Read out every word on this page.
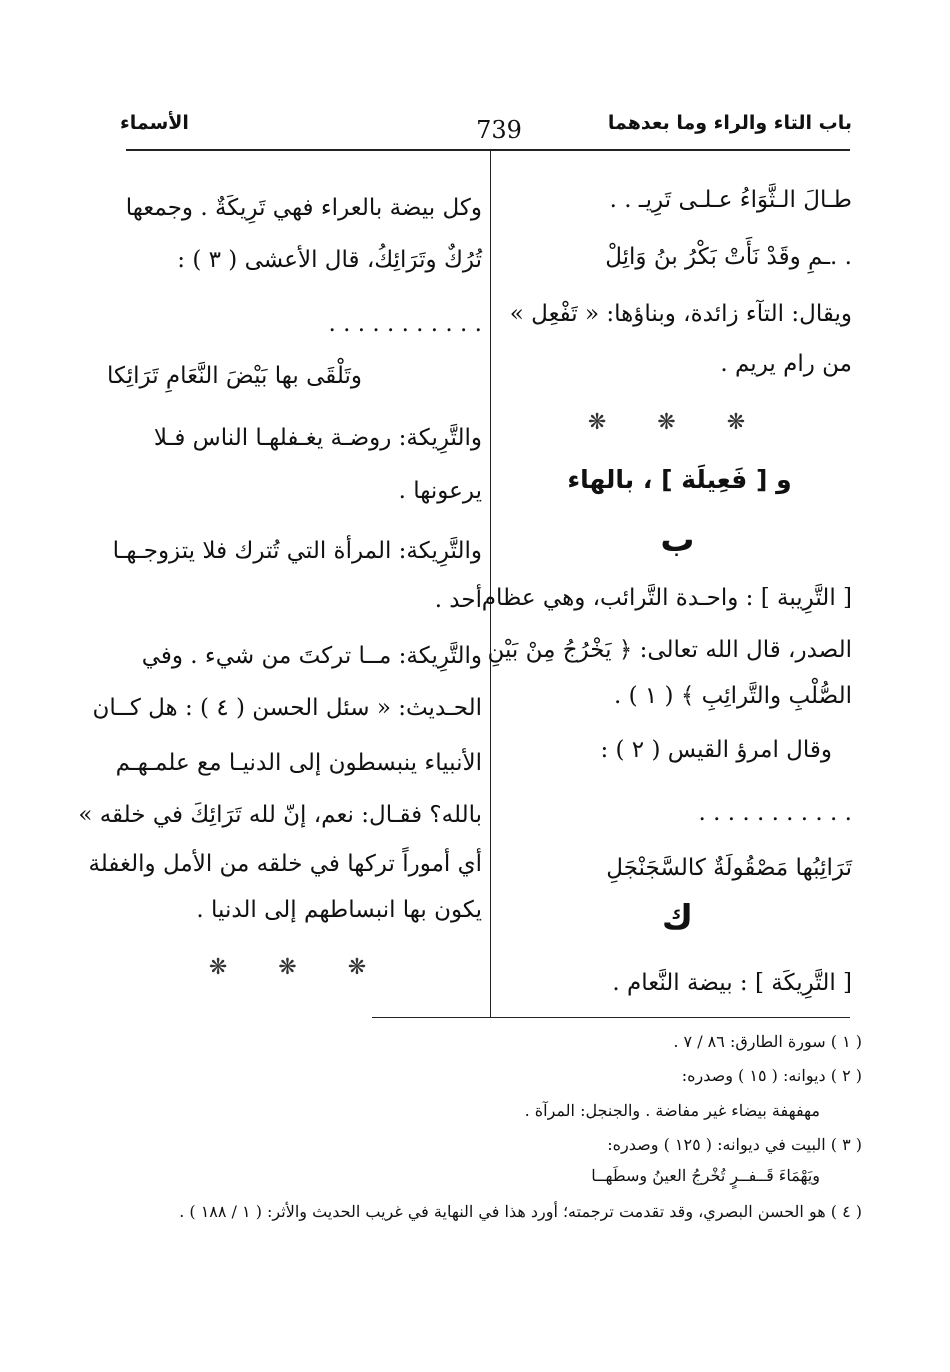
باب التاء والراء وما بعدهما
739
الأسماء
طـالَ الـثَّوَاءُ عـلـى تَرِيـ . .
. .ـمِ وقَدْ نَأَتْ بَكْرُ بنُ وَائِلْ
ويقال: التآء زائدة، وبناؤها: « تَفْعِل »
من رام يريم .
❋ ❋ ❋
و [ فَعِيلَة ] ، بالهاء
ب
[ التَّرِيبة ] : واحـدة التَّرائب، وهي عظام
الصدر، قال الله تعالى: ﴿ يَخْرُجُ مِنْ بَيْنِ
الصُّلْبِ والتَّرائِبِ ﴾ ( ١ ) .
وقال امرؤ القيس ( ٢ ) :
. . . . . . . . . . .
تَرَائِبُها مَصْقُولَةٌ كالسَّجَنْجَلِ
ك
[ التَّرِيكَة ] : بيضة النَّعام .
وكل بيضة بالعراء فهي تَرِيكَةٌ . وجمعها
تُرُكٌ وتَرَائِكُ، قال الأعشى ( ٣ ) :
. . . . . . . . . . .
وتَلْقَى بها بَيْضَ النَّعَامِ تَرَائِكا
والتَّرِيكة: روضـة يغـفلهـا الناس فـلا
يرعونها .
والتَّرِيكة: المرأة التي تُترك فلا يتزوجـهـا
أحد .
والتَّرِيكة: مــا تركتَ من شيء . وفي
الحـديث: « سئل الحسن ( ٤ ) : هل كــان
الأنبياء ينبسطون إلى الدنيـا مع علمـهـم
بالله؟ فقـال: نعم، إنّ لله تَرَائِكَ في خلقه »
أي أموراً تركها في خلقه من الأمل والغفلة
يكون بها انبساطهم إلى الدنيا .
❋ ❋ ❋
( ١ ) سورة الطارق: ٨٦ / ٧ .
( ٢ ) ديوانه: ( ١٥ ) وصدره:
مهفهفة بيضاء غير مفاضة . والجنجل: المرآة .
( ٣ ) البيت في ديوانه: ( ١٢٥ ) وصدره:
ويَهْمَاءَ قَــفــرٍ تُخْرجُ العينُ وسطَهــا
( ٤ ) هو الحسن البصري، وقد تقدمت ترجمته؛ أورد هذا في النهاية في غريب الحديث والأثر: ( ١ / ١٨٨ ) .
